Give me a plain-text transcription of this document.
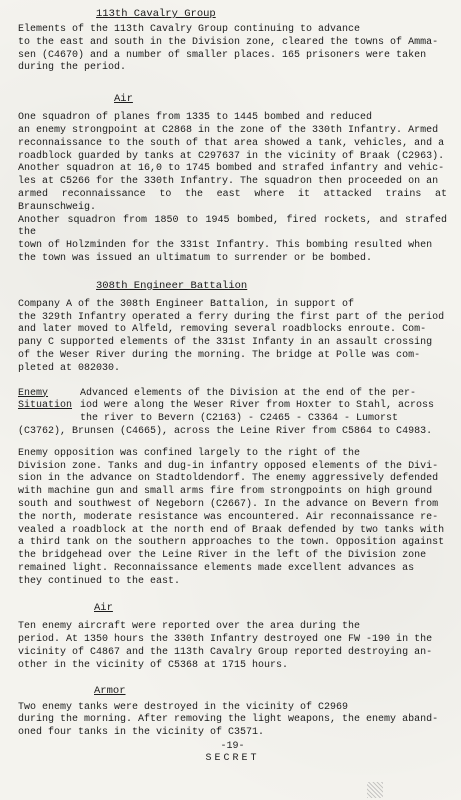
113th Cavalry Group

Elements of the 113th Cavalry Group continuing to advance
to the east and south in the Division zone, cleared the towns of Amma-
sen (C4670) and a number of smaller places. 165 prisoners were taken
during the period.

Air

One squadron of planes from 1335 to 1445 bombed and reduced
an enemy strongpoint at C2868 in the zone of the 330th Infantry. Armed
reconnaissance to the south of that area showed a tank, vehicles, and a
roadblock guarded by tanks at C297637 in the vicinity of Braak (C2963).
Another squadron at 16,0 to 1745 bombed and strafed infantry and vehic-
les at C5266 for the 330th Infantry. The squadron then proceeded on an
armed reconnaissance to the east where it attacked trains at Braunschweig.
Another squadron from 1850 to 1945 bombed, fired rockets, and strafed the
town of Holzminden for the 331st Infantry. This bombing resulted when
the town was issued an ultimatum to surrender or be bombed.

308th Engineer Battalion

Company A of the 308th Engineer Battalion, in support of
the 329th Infantry operated a ferry during the first part of the period
and later moved to Alfeld, removing several roadblocks enroute. Com-
pany C supported elements of the 331st Infanty in an assault crossing
of the Weser River during the morning. The bridge at Polle was com-
pleted at 082030.

Enemy
Situation
Advanced elements of the Division at the end of the per-
iod were along the Weser River from Hoxter to Stahl, across
the river to Bevern (C2163) - C2465 - C3364 - Lumorst

(C3762), Brunsen (C4665), across the Leine River from C5864 to C4983.

Enemy opposition was confined largely to the right of the
Division zone. Tanks and dug-in infantry opposed elements of the Divi-
sion in the advance on Stadtoldendorf. The enemy aggressively defended
with machine gun and small arms fire from strongpoints on high ground
south and southwest of Negeborn (C2667). In the advance on Bevern from
the north, moderate resistance was encountered. Air reconnaissance re-
vealed a roadblock at the north end of Braak defended by two tanks with
a third tank on the southern approaches to the town. Opposition against
the bridgehead over the Leine River in the left of the Division zone
remained light. Reconnaissance elements made excellent advances as
they continued to the east.

Air

Ten enemy aircraft were reported over the area during the
period. At 1350 hours the 330th Infantry destroyed one FW -190 in the
vicinity of C4867 and the 113th Cavalry Group reported destroying an-
other in the vicinity of C5368 at 1715 hours.

Armor

Two enemy tanks were destroyed in the vicinity of C2969
during the morning. After removing the light weapons, the enemy aband-
oned four tanks in the vicinity of C3571.

-19-
SECRET
